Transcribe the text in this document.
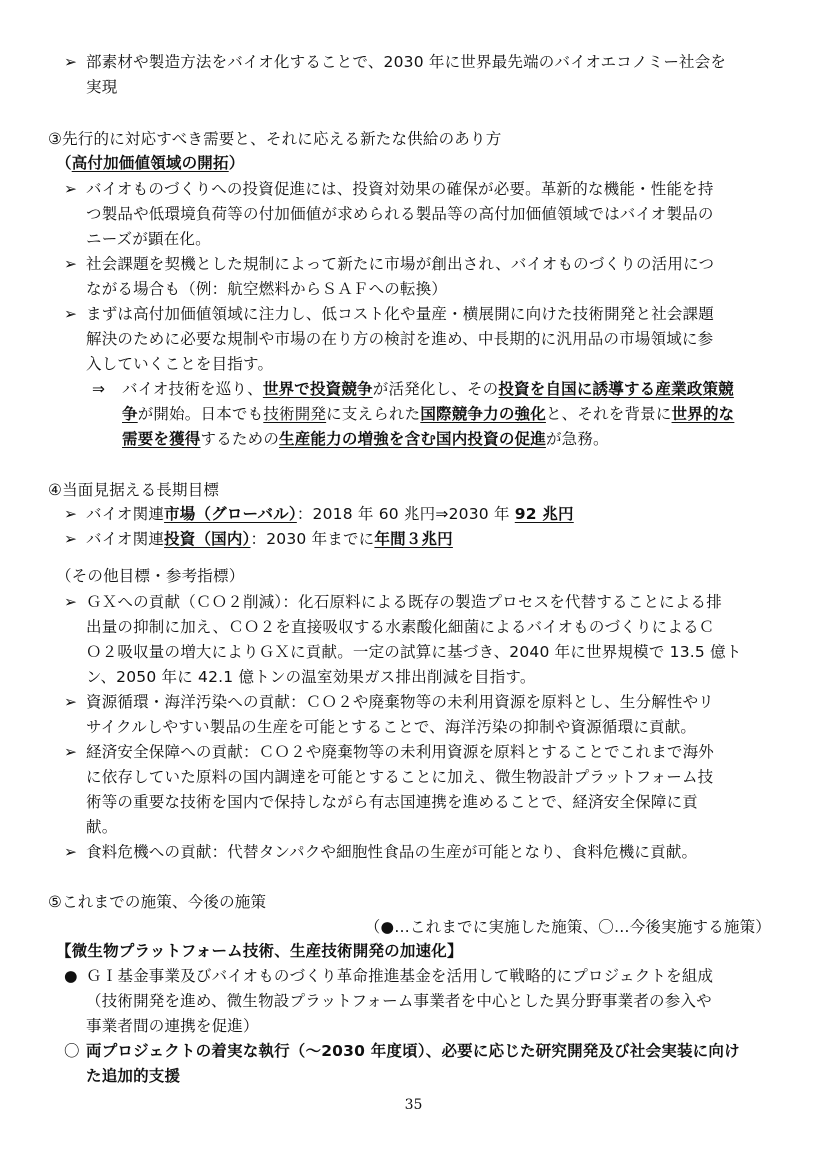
➢ 部素材や製造方法をバイオ化することで、2030 年に世界最先端のバイオエコノミー社会を
実現
③先行的に対応すべき需要と、それに応える新たな供給のあり方
（高付加価値領域の開拓）
➢ バイオものづくりへの投資促進には、投資対効果の確保が必要。革新的な機能・性能を持
つ製品や低環境負荷等の付加価値が求められる製品等の高付加価値領域ではバイオ製品の
ニーズが顕在化。
➢ 社会課題を契機とした規制によって新たに市場が創出され、バイオものづくりの活用につ
ながる場合も（例：航空燃料からＳＡＦへの転換）
➢ まずは高付加価値領域に注力し、低コスト化や量産・横展開に向けた技術開発と社会課題
解決のために必要な規制や市場の在り方の検討を進め、中長期的に汎用品の市場領域に参
入していくことを目指す。
⇒ バイオ技術を巡り、世界で投資競争が活発化し、その投資を自国に誘導する産業政策競
争が開始。日本でも技術開発に支えられた国際競争力の強化と、それを背景に世界的な
需要を獲得するための生産能力の増強を含む国内投資の促進が急務。
④当面見据える長期目標
➢ バイオ関連市場（グローバル）：2018 年 60 兆円⇒2030 年 92 兆円
➢ バイオ関連投資（国内）：2030 年までに年間３兆円
（その他目標・参考指標）
➢ ＧＸへの貢献（ＣＯ２削減）：化石原料による既存の製造プロセスを代替することによる排
出量の抑制に加え、ＣＯ２を直接吸収する水素酸化細菌によるバイオものづくりによるＣ
Ｏ２吸収量の増大によりＧＸに貢献。一定の試算に基づき、2040 年に世界規模で 13.5 億ト
ン、2050 年に 42.1 億トンの温室効果ガス排出削減を目指す。
➢ 資源循環・海洋汚染への貢献：ＣＯ２や廃棄物等の未利用資源を原料とし、生分解性やリ
サイクルしやすい製品の生産を可能とすることで、海洋汚染の抑制や資源循環に貢献。
➢ 経済安全保障への貢献：ＣＯ２や廃棄物等の未利用資源を原料とすることでこれまで海外
に依存していた原料の国内調達を可能とすることに加え、微生物設計プラットフォーム技
術等の重要な技術を国内で保持しながら有志国連携を進めることで、経済安全保障に貢
献。
➢ 食料危機への貢献：代替タンパクや細胞性食品の生産が可能となり、食料危機に貢献。
⑤これまでの施策、今後の施策
（●…これまでに実施した施策、〇…今後実施する施策）
【微生物プラットフォーム技術、生産技術開発の加速化】
● ＧＩ基金事業及びバイオものづくり革命推進基金を活用して戦略的にプロジェクトを組成
（技術開発を進め、微生物設プラットフォーム事業者を中心とした異分野事業者の参入や
事業者間の連携を促進）
〇 両プロジェクトの着実な執行（～2030 年度頃）、必要に応じた研究開発及び社会実装に向け
た追加的支援
35
